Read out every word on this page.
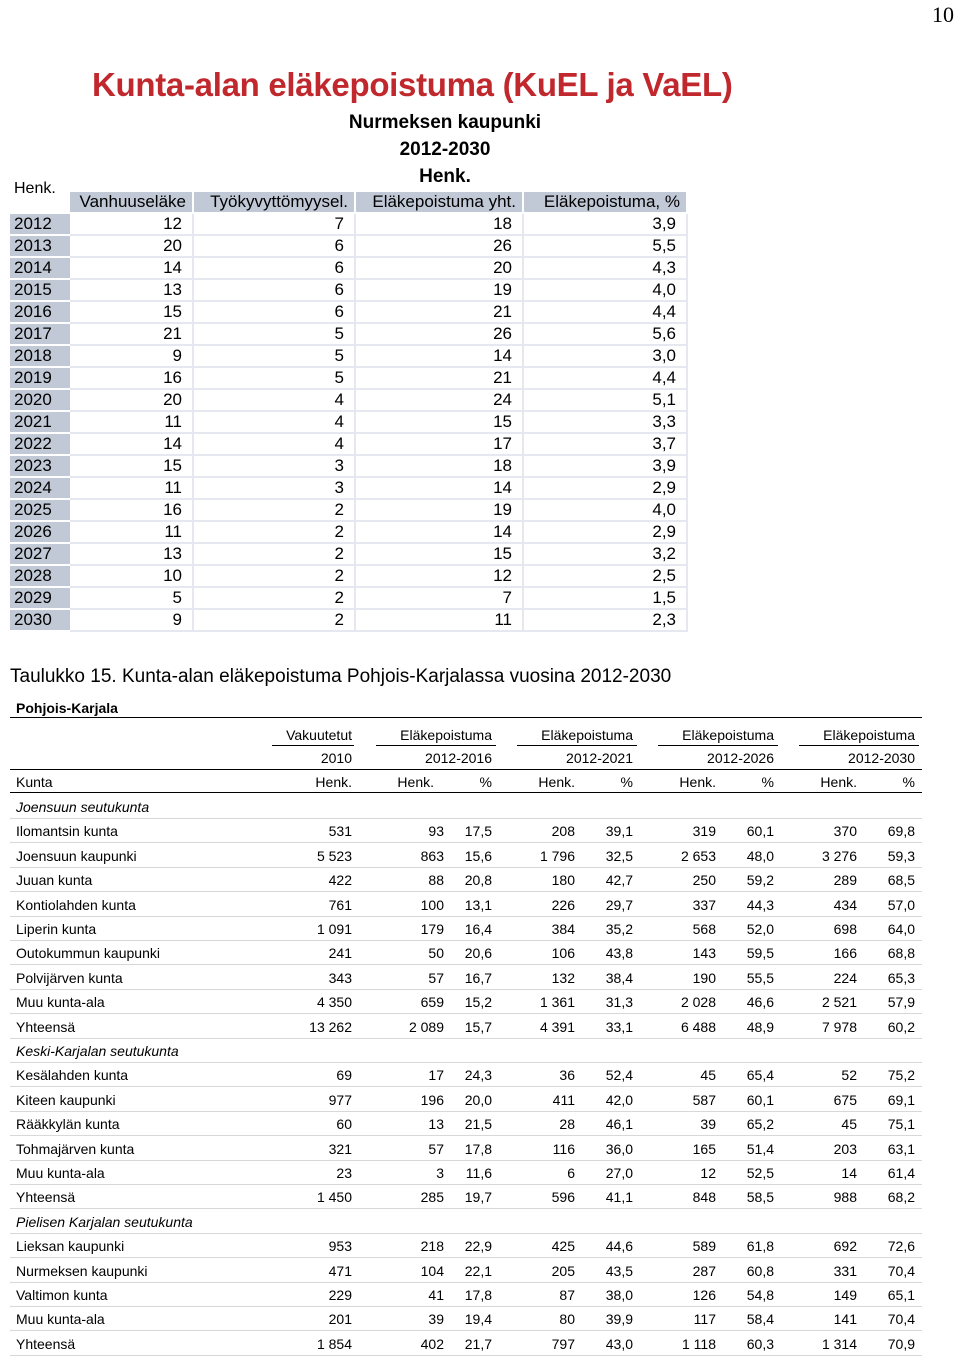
10
Kunta-alan eläkepoistuma (KuEL ja VaEL)
Nurmeksen kaupunki
2012-2030
Henk.
Henk.
	Vanhuuseläke	Työkyvyttömyysel.	Eläkepoistuma yht.	Eläkepoistuma, %
2012	12	7	18	3,9
2013	20	6	26	5,5
2014	14	6	20	4,3
2015	13	6	19	4,0
2016	15	6	21	4,4
2017	21	5	26	5,6
2018	9	5	14	3,0
2019	16	5	21	4,4
2020	20	4	24	5,1
2021	11	4	15	3,3
2022	14	4	17	3,7
2023	15	3	18	3,9
2024	11	3	14	2,9
2025	16	2	19	4,0
2026	11	2	14	2,9
2027	13	2	15	3,2
2028	10	2	12	2,5
2029	5	2	7	1,5
2030	9	2	11	2,3
Taulukko 15. Kunta-alan eläkepoistuma Pohjois-Karjalassa vuosina 2012-2030
Pohjois-Karjala
Vakuutetut
2010
Eläkepoistuma
2012-2016
Eläkepoistuma
2012-2021
Eläkepoistuma
2012-2026
Eläkepoistuma
2012-2030
Kunta	Henk.	Henk.	%	Henk.	%	Henk.	%	Henk.	%
Joensuun seutukunta
Ilomantsin kunta	531	93	17,5	208	39,1	319	60,1	370	69,8
Joensuun kaupunki	5 523	863	15,6	1 796	32,5	2 653	48,0	3 276	59,3
Juuan kunta	422	88	20,8	180	42,7	250	59,2	289	68,5
Kontiolahden kunta	761	100	13,1	226	29,7	337	44,3	434	57,0
Liperin kunta	1 091	179	16,4	384	35,2	568	52,0	698	64,0
Outokummun kaupunki	241	50	20,6	106	43,8	143	59,5	166	68,8
Polvijärven kunta	343	57	16,7	132	38,4	190	55,5	224	65,3
Muu kunta-ala	4 350	659	15,2	1 361	31,3	2 028	46,6	2 521	57,9
Yhteensä	13 262	2 089	15,7	4 391	33,1	6 488	48,9	7 978	60,2
Keski-Karjalan seutukunta
Kesälahden kunta	69	17	24,3	36	52,4	45	65,4	52	75,2
Kiteen kaupunki	977	196	20,0	411	42,0	587	60,1	675	69,1
Rääkkylän kunta	60	13	21,5	28	46,1	39	65,2	45	75,1
Tohmajärven kunta	321	57	17,8	116	36,0	165	51,4	203	63,1
Muu kunta-ala	23	3	11,6	6	27,0	12	52,5	14	61,4
Yhteensä	1 450	285	19,7	596	41,1	848	58,5	988	68,2
Pielisen Karjalan seutukunta
Lieksan kaupunki	953	218	22,9	425	44,6	589	61,8	692	72,6
Nurmeksen kaupunki	471	104	22,1	205	43,5	287	60,8	331	70,4
Valtimon kunta	229	41	17,8	87	38,0	126	54,8	149	65,1
Muu kunta-ala	201	39	19,4	80	39,9	117	58,4	141	70,4
Yhteensä	1 854	402	21,7	797	43,0	1 118	60,3	1 314	70,9
